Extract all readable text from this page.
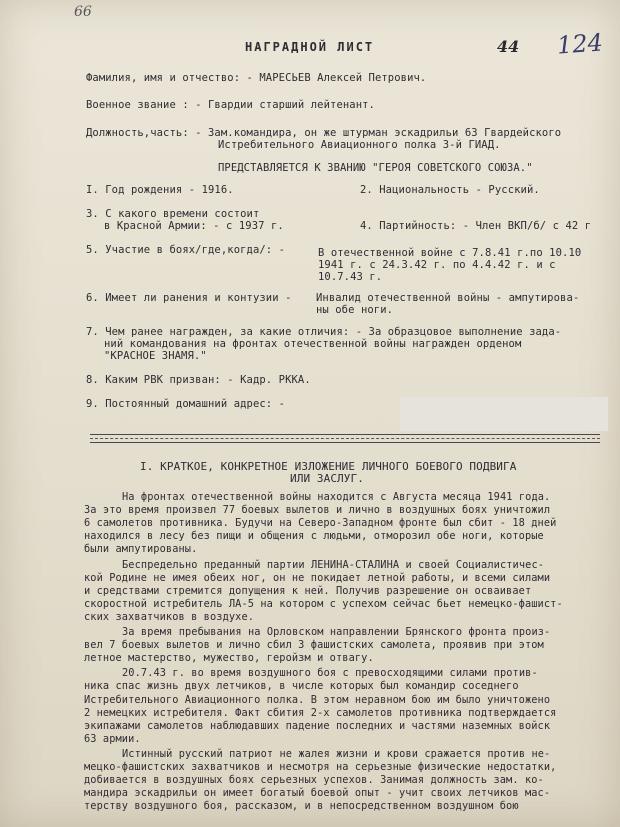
66
НАГРАДНОЙ ЛИСТ	44 124
Фамилия, имя и отчество: - МАРЕСЬЕВ Алексей Петрович.
Военное звание : - Гвардии старший лейтенант.
Должность,часть: - Зам.командира, он же штурман эскадрильи 63 Гвардейского
Истребительного Авиационного полка 3-й ГИАД.
ПРЕДСТАВЛЯЕТСЯ К ЗВАНИЮ "ГЕРОЯ СОВЕТСКОГО СОЮЗА."
I. Год рождения - 1916.	2. Национальность - Русский.
3. С какого времени состоит
в Красной Армии: - с 1937 г.	4. Партийность: - Член ВКП/б/ с 42 г
5. Участие в боях/где,когда/: -	В отечественной войне с 7.8.41 г.по 10.10
1941 г. с 24.3.42 г. по 4.4.42 г. и с
10.7.43 г.
6. Имеет ли ранения и контузии - Инвалид отечественной войны - ампутирова-
ны обе ноги.
7. Чем ранее награжден, за какие отличия: - За образцовое выполнение зада-
ний командования на фронтах отечественной войны награжден орденом
"КРАСНОЕ ЗНАМЯ."
8. Каким РВК призван: - Кадр. РККА.
9. Постоянный домашний адрес: -
I. КРАТКОЕ, КОНКРЕТНОЕ ИЗЛОЖЕНИЕ ЛИЧНОГО БОЕВОГО ПОДВИГА
ИЛИ ЗАСЛУГ.
На фронтах отечественной войны находится с Августа месяца 1941 года.
За это время произвел 77 боевых вылетов и лично в воздушных боях уничтожил
6 самолетов противника. Будучи на Северо-Западном фронте был сбит - 18 дней
находился в лесу без пищи и общения с людьми, отморозил обе ноги, которые
были ампутированы.
Беспредельно преданный партии ЛЕНИНА-СТАЛИНА и своей Социалистичес-
кой Родине не имея обеих ног, он не покидает летной работы, и всеми силами
и средствами стремится допущения к ней. Получив разрешение он осваивает
скоростной истребитель ЛА-5 на котором с успехом сейчас бьет немецко-фашист-
ских захватчиков в воздухе.
За время пребывания на Орловском направлении Брянского фронта произ-
вел 7 боевых вылетов и лично сбил 3 фашистских самолета, проявив при этом
летное мастерство, мужество, геройзм и отвагу.
20.7.43 г. во время воздушного боя с превосходящими силами против-
ника спас жизнь двух летчиков, в числе которых был командир соседнего
Истребительного Авиационного полка. В этом неравном бою им было уничтожено
2 немецких истребителя. Факт сбития 2-х самолетов противника подтверждается
экипажами самолетов наблюдавших падение последних и частями наземных войск
63 армии.
Истинный русский патриот не жалея жизни и крови сражается против не-
мецко-фашистских захватчиков и несмотря на серьезные физические недостатки,
добивается в воздушных боях серьезных успехов. Занимая должность зам. ко-
мандира эскадрильи он имеет богатый боевой опыт - учит своих летчиков мас-
терству воздушного боя, рассказом, и в непосредственном воздушном бою
